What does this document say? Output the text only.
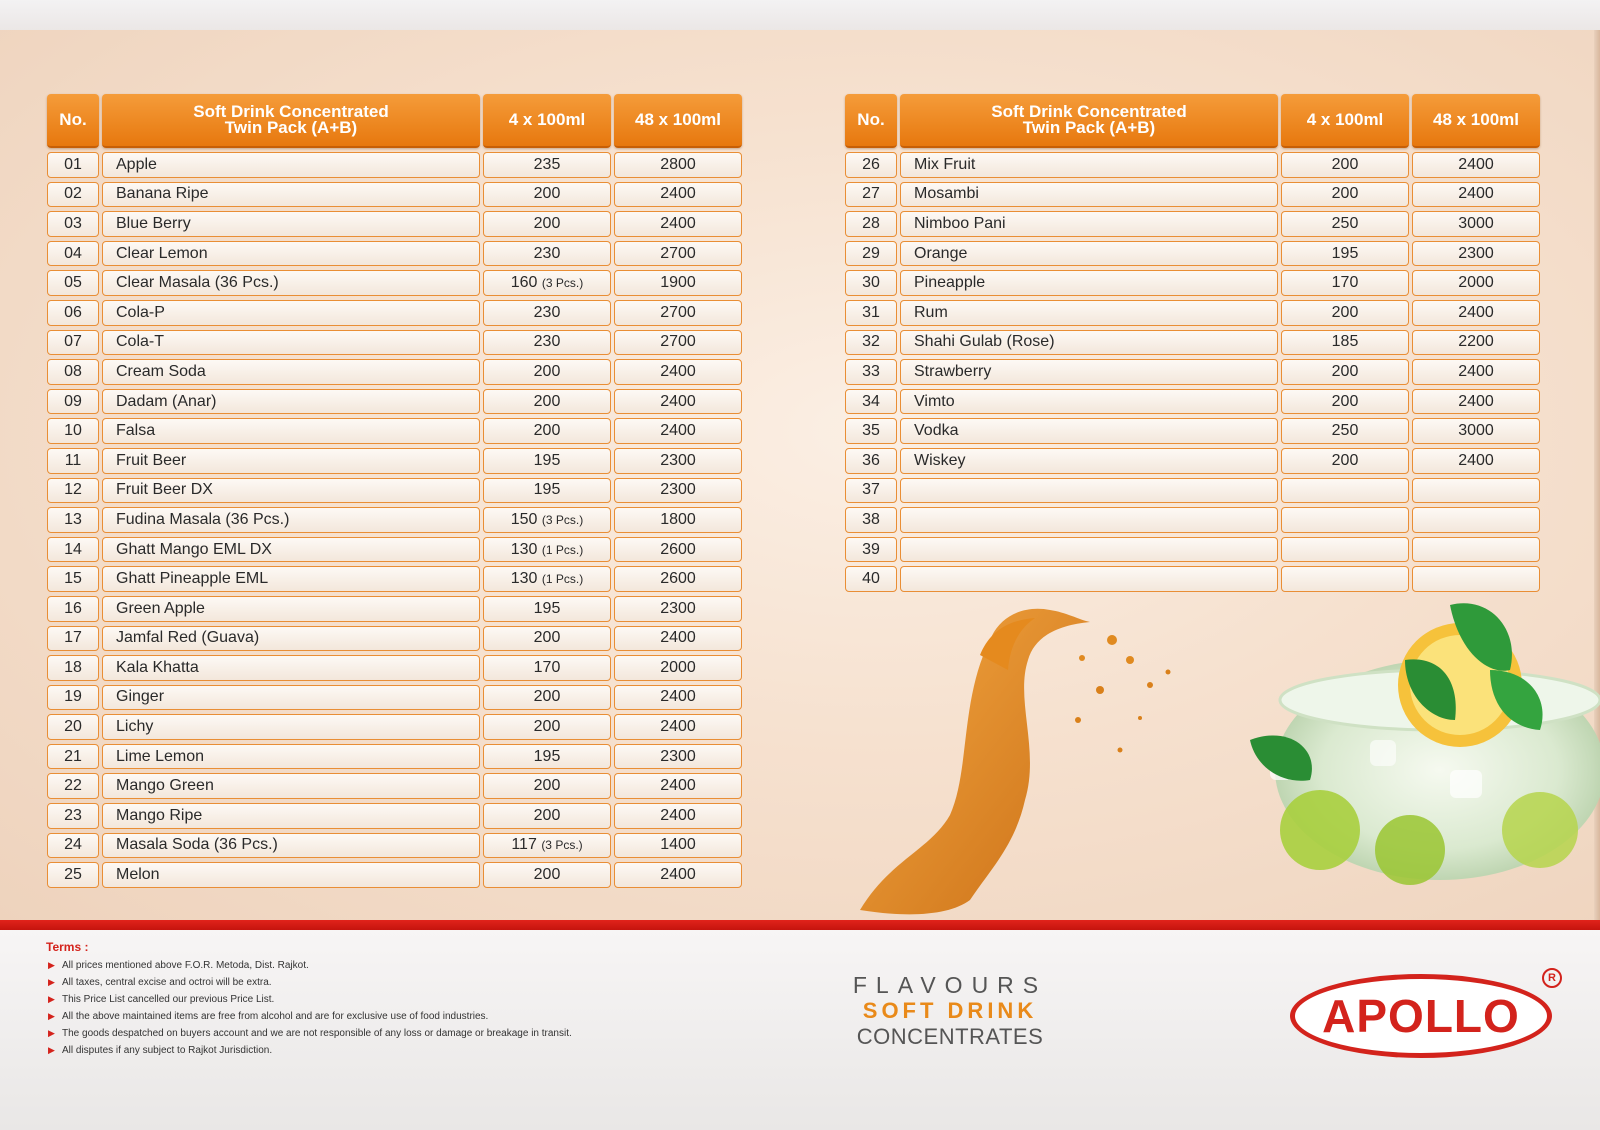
No.	Soft Drink Concentrated
Twin Pack (A+B)	4 x 100ml	48 x 100ml
01	Apple	235	2800
02	Banana Ripe	200	2400
03	Blue Berry	200	2400
04	Clear Lemon	230	2700
05	Clear Masala (36 Pcs.)	160 (3 Pcs.)	1900
06	Cola-P	230	2700
07	Cola-T	230	2700
08	Cream Soda	200	2400
09	Dadam (Anar)	200	2400
10	Falsa	200	2400
11	Fruit Beer	195	2300
12	Fruit Beer DX	195	2300
13	Fudina Masala (36 Pcs.)	150 (3 Pcs.)	1800
14	Ghatt Mango EML DX	130 (1 Pcs.)	2600
15	Ghatt Pineapple EML	130 (1 Pcs.)	2600
16	Green Apple	195	2300
17	Jamfal Red (Guava)	200	2400
18	Kala Khatta	170	2000
19	Ginger	200	2400
20	Lichy	200	2400
21	Lime Lemon	195	2300
22	Mango Green	200	2400
23	Mango Ripe	200	2400
24	Masala Soda (36 Pcs.)	117 (3 Pcs.)	1400
25	Melon	200	2400
No.	Soft Drink Concentrated
Twin Pack (A+B)	4 x 100ml	48 x 100ml
26	Mix Fruit	200	2400
27	Mosambi	200	2400
28	Nimboo Pani	250	3000
29	Orange	195	2300
30	Pineapple	170	2000
31	Rum	200	2400
32	Shahi Gulab (Rose)	185	2200
33	Strawberry	200	2400
34	Vimto	200	2400
35	Vodka	250	3000
36	Wiskey	200	2400
37			
38			
39			
40			
Terms :
▶ All prices mentioned above F.O.R. Metoda, Dist. Rajkot.
▶ All taxes, central excise and octroi will be extra.
▶ This Price List cancelled our previous Price List.
▶ All the above maintained items are free from alcohol and are for exclusive use of food industries.
▶ The goods despatched on buyers account and we are not responsible of any loss or damage or breakage in transit.
▶ All disputes if any subject to Rajkot Jurisdiction.
FLAVOURS
SOFT DRINK
CONCENTRATES	APOLLO
R
